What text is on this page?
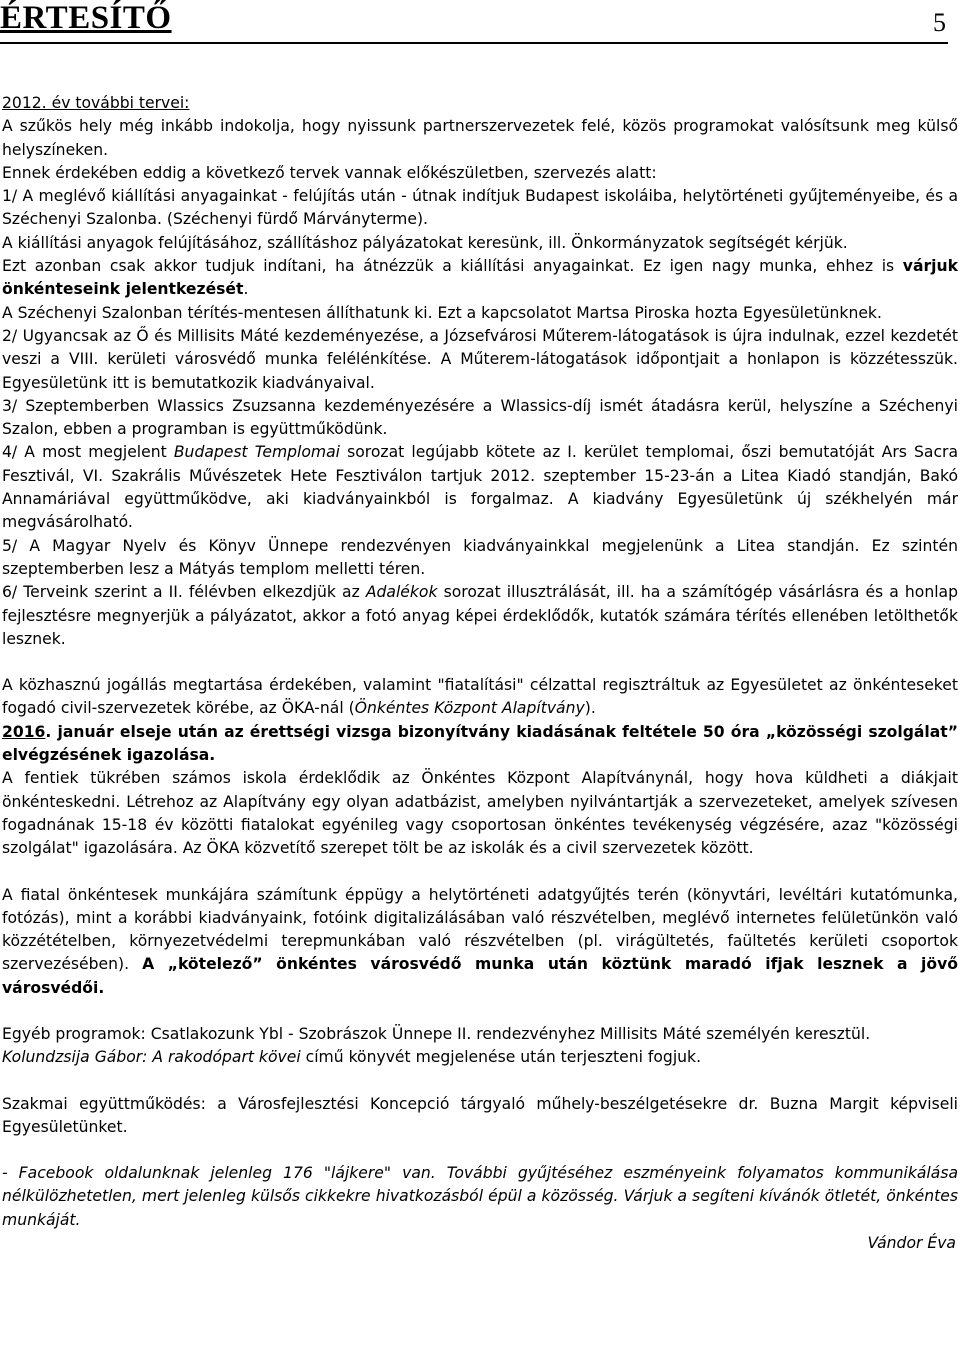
ÉRTESÍTŐ	5

2012. év további tervei:

A szűkös hely még inkább indokolja, hogy nyissunk partnerszervezetek felé, közös programokat valósítsunk meg külső helyszíneken.

Ennek érdekében eddig a következő tervek vannak előkészületben, szervezés alatt:

1/ A meglévő kiállítási anyagainkat - felújítás után - útnak indítjuk Budapest iskoláiba, helytörténeti gyűjteményeibe, és a Széchenyi Szalonba. (Széchenyi fürdő Márványterme).

A kiállítási anyagok felújításához, szállításhoz pályázatokat keresünk, ill. Önkormányzatok segítségét kérjük.

Ezt azonban csak akkor tudjuk indítani, ha átnézzük a kiállítási anyagainkat. Ez igen nagy munka, ehhez is várjuk önkénteseink jelentkezését.

A Széchenyi Szalonban térítés-mentesen állíthatunk ki. Ezt a kapcsolatot Martsa Piroska hozta Egyesületünknek.

2/ Ugyancsak az Ő és Millisits Máté kezdeményezése, a Józsefvárosi Műterem-látogatások is újra indulnak, ezzel kezdetét veszi a VIII. kerületi városvédő munka felélénkítése. A Műterem-látogatások időpontjait a honlapon is közzétesszük. Egyesületünk itt is bemutatkozik kiadványaival.

3/ Szeptemberben Wlassics Zsuzsanna kezdeményezésére a Wlassics-díj ismét átadásra kerül, helyszíne a Széchenyi Szalon, ebben a programban is együttműködünk.

4/ A most megjelent Budapest Templomai sorozat legújabb kötete az I. kerület templomai, őszi bemutatóját Ars Sacra Fesztivál, VI. Szakrális Művészetek Hete Fesztiválon tartjuk 2012. szeptember 15-23-án a Litea Kiadó standján, Bakó Annamáriával együttműködve, aki kiadványainkból is forgalmaz. A kiadvány Egyesületünk új székhelyén már megvásárolható.

5/ A Magyar Nyelv és Könyv Ünnepe rendezvényen kiadványainkkal megjelenünk a Litea standján. Ez szintén szeptemberben lesz a Mátyás templom melletti téren.

6/ Terveink szerint a II. félévben elkezdjük az Adalékok sorozat illusztrálását, ill. ha a számítógép vásárlásra és a honlap fejlesztésre megnyerjük a pályázatot, akkor a fotó anyag képei érdeklődők, kutatók számára térítés ellenében letölthetők lesznek.

A közhasznú jogállás megtartása érdekében, valamint "fiatalítási" célzattal regisztráltuk az Egyesületet az önkénteseket fogadó civil-szervezetek körébe, az ÖKA-nál (Önkéntes Központ Alapítvány).

2016. január elseje után az érettségi vizsga bizonyítvány kiadásának feltétele 50 óra „közösségi szolgálat” elvégzésének igazolása.

A fentiek tükrében számos iskola érdeklődik az Önkéntes Központ Alapítványnál, hogy hova küldheti a diákjait önkénteskedni. Létrehoz az Alapítvány egy olyan adatbázist, amelyben nyilvántartják a szervezeteket, amelyek szívesen fogadnának 15-18 év közötti fiatalokat egyénileg vagy csoportosan önkéntes tevékenység végzésére, azaz "közösségi szolgálat" igazolására. Az ÖKA közvetítő szerepet tölt be az iskolák és a civil szervezetek között.

A fiatal önkéntesek munkájára számítunk éppügy a helytörténeti adatgyűjtés terén (könyvtári, levéltári kutatómunka, fotózás), mint a korábbi kiadványaink, fotóink digitalizálásában való részvételben, meglévő internetes felületünkön való közzétételben, környezetvédelmi terepmunkában való részvételben (pl. virágültetés, faültetés kerületi csoportok szervezésében). A „kötelező” önkéntes városvédő munka után köztünk maradó ifjak lesznek a jövő városvédői.

Egyéb programok: Csatlakozunk Ybl - Szobrászok Ünnepe II. rendezvényhez Millisits Máté személyén keresztül.

Kolundzsija Gábor: A rakodópart kövei című könyvét megjelenése után terjeszteni fogjuk.

Szakmai együttműködés: a Városfejlesztési Koncepció tárgyaló műhely-beszélgetésekre dr. Buzna Margit képviseli Egyesületünket.

- Facebook oldalunknak jelenleg 176 "lájkere" van. További gyűjtéséhez eszményeink folyamatos kommunikálása nélkülözhetetlen, mert jelenleg külsős cikkekre hivatkozásból épül a közösség. Várjuk a segíteni kívánók ötletét, önkéntes munkáját.

Vándor Éva
